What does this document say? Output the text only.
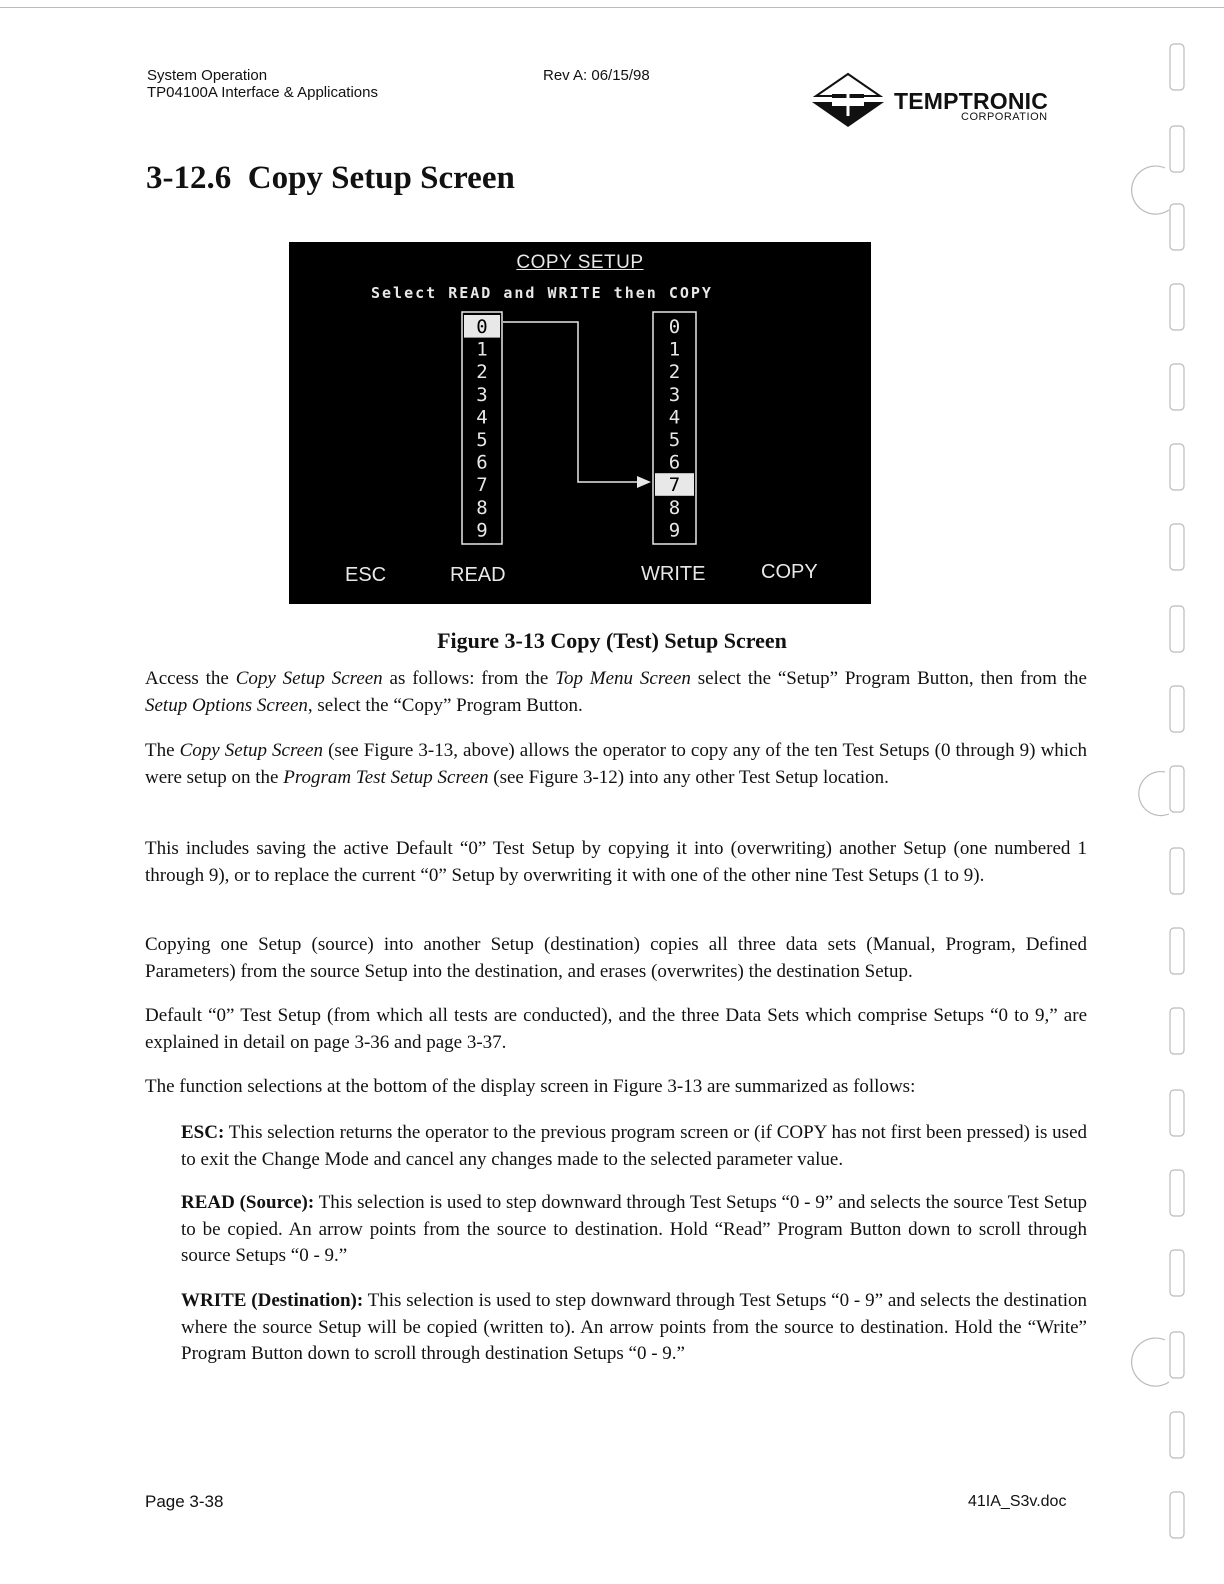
System Operation
TP04100A Interface & Applications
Rev A: 06/15/98
TEMPTRONIC
CORPORATION
3-12.6  Copy Setup Screen
COPY SETUP
Select READ and WRITE then COPY
0
1
2
3
4
5
6
7
8
9
0
1
2
3
4
5
6
7
8
9
ESC	READ	WRITE	COPY
Figure 3-13 Copy (Test) Setup Screen

Access the Copy Setup Screen as follows: from the Top Menu Screen select the “Setup” Program Button, then from the Setup Options Screen, select the “Copy” Program Button.

The Copy Setup Screen (see Figure 3-13, above) allows the operator to copy any of the ten Test Setups (0 through 9) which were setup on the Program Test Setup Screen (see Figure 3-12) into any other Test Setup location.

This includes saving the active Default “0” Test Setup by copying it into (overwriting) another Setup (one numbered 1 through 9), or to replace the current “0” Setup by overwriting it with one of the other nine Test Setups (1 to 9).

Copying one Setup (source) into another Setup (destination) copies all three data sets (Manual, Program, Defined Parameters) from the source Setup into the destination, and erases (overwrites) the destination Setup.

Default “0” Test Setup (from which all tests are conducted), and the three Data Sets which comprise Setups “0 to 9,” are explained in detail on page 3-36 and page 3-37.

The function selections at the bottom of the display screen in Figure 3-13 are summarized as follows:

ESC: This selection returns the operator to the previous program screen or (if COPY has not first been pressed) is used to exit the Change Mode and cancel any changes made to the selected parameter value.

READ (Source): This selection is used to step downward through Test Setups “0 - 9” and selects the source Test Setup to be copied. An arrow points from the source to destination. Hold “Read” Program Button down to scroll through source Setups “0 - 9.”

WRITE (Destination): This selection is used to step downward through Test Setups “0 - 9” and selects the destination where the source Setup will be copied (written to). An arrow points from the source to destination. Hold the “Write” Program Button down to scroll through destination Setups “0 - 9.”

Page 3-38	41IA_S3v.doc
